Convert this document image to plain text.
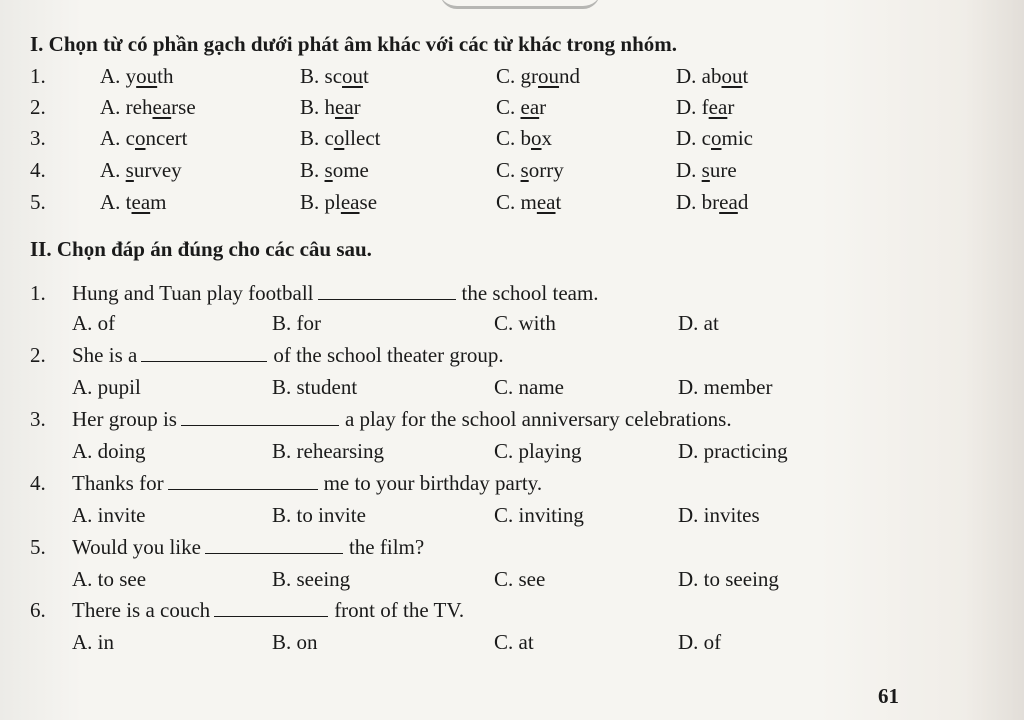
I. Chọn từ có phần gạch dưới phát âm khác với các từ khác trong nhóm.
1.	A. youth	B. scout	C. ground	D. about
2.	A. rehearse	B. hear	C. ear	D. fear
3.	A. concert	B. collect	C. box	D. comic
4.	A. survey	B. some	C. sorry	D. sure
5.	A. team	B. please	C. meat	D. bread
II. Chọn đáp án đúng cho các câu sau.
1. Hung and Tuan play football	the school team.
A. of	B. for	C. with	D. at
2. She is a	of the school theater group.
A. pupil	B. student	C. name	D. member
3. Her group is	a play for the school anniversary celebrations.
A. doing	B. rehearsing	C. playing	D. practicing
4. Thanks for	me to your birthday party.
A. invite	B. to invite	C. inviting	D. invites
5. Would you like	the film?
A. to see	B. seeing	C. see	D. to seeing
6. There is a couch	front of the TV.
A. in	B. on	C. at	D. of
61
